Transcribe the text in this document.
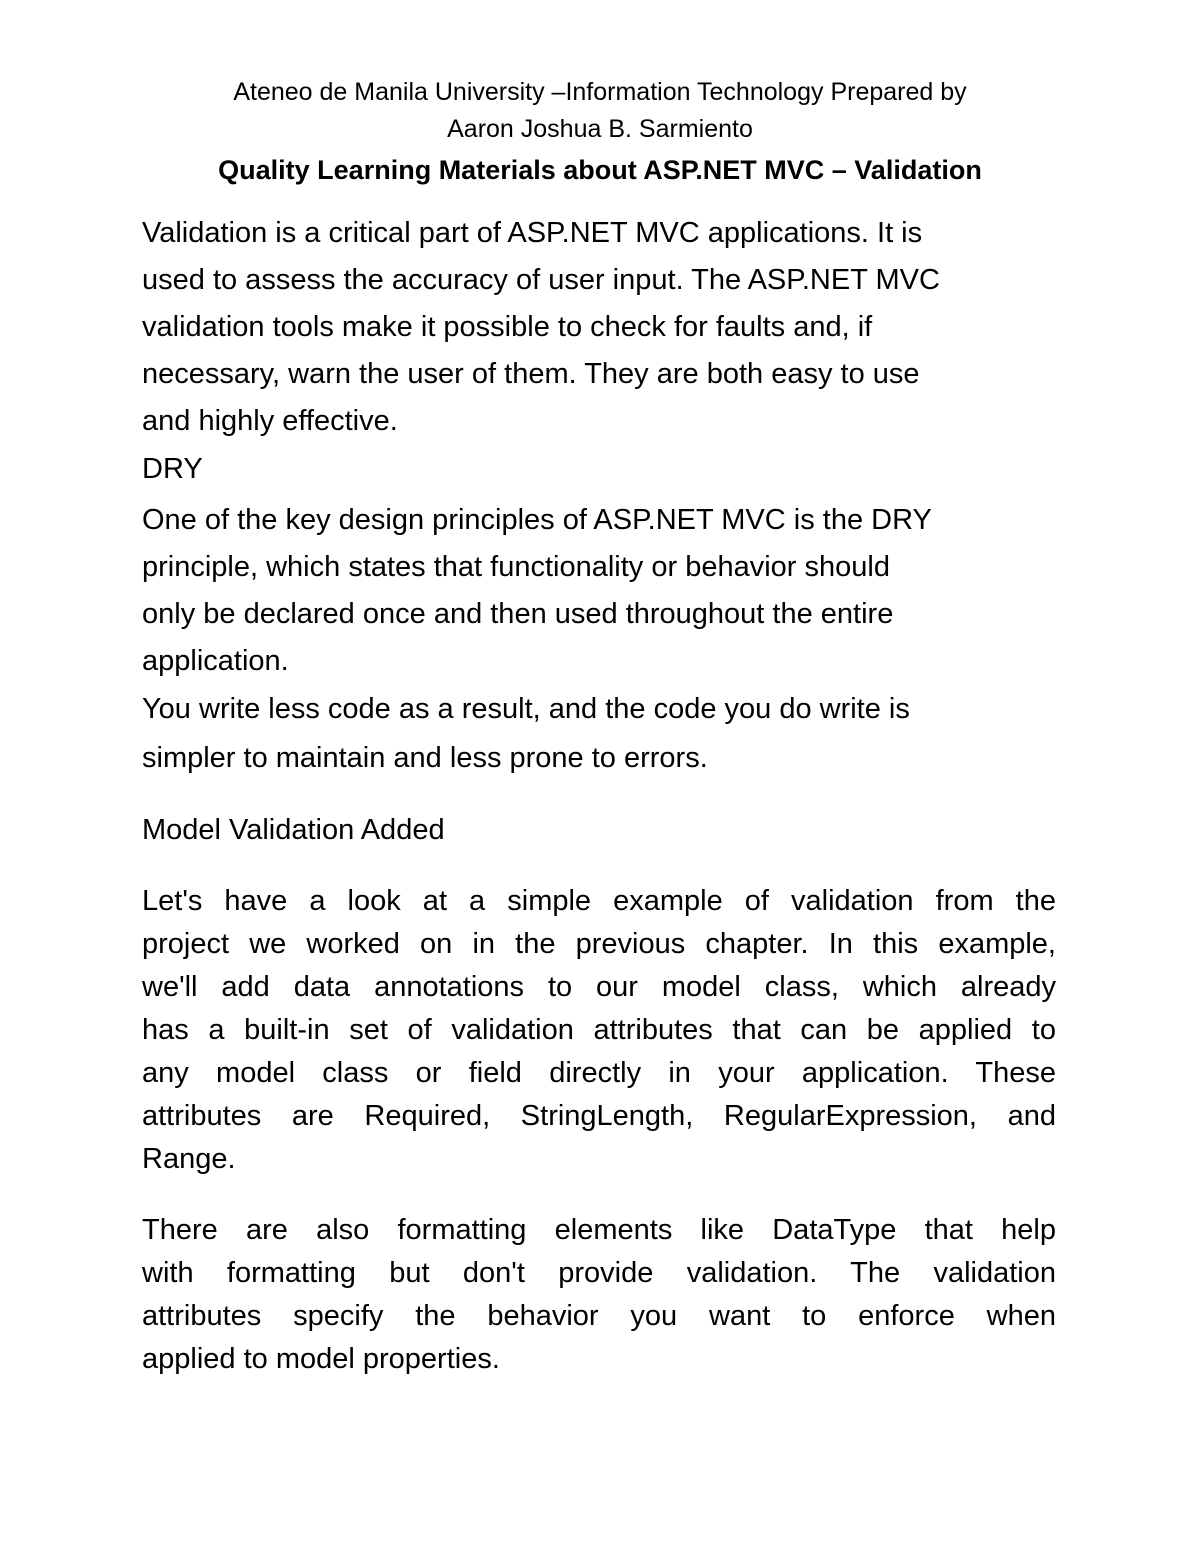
Ateneo de Manila University –Information Technology Prepared by
Aaron Joshua B. Sarmiento
Quality Learning Materials about ASP.NET MVC – Validation
Validation is a critical part of ASP.NET MVC applications. It is
used to assess the accuracy of user input. The ASP.NET MVC
validation tools make it possible to check for faults and, if
necessary, warn the user of them. They are both easy to use
and highly effective.
DRY
One of the key design principles of ASP.NET MVC is the DRY
principle, which states that functionality or behavior should
only be declared once and then used throughout the entire
application.
You write less code as a result, and the code you do write is
simpler to maintain and less prone to errors.
Model Validation Added
Let's have a look at a simple example of validation from the
project we worked on in the previous chapter. In this example,
we'll add data annotations to our model class, which already
has a built-in set of validation attributes that can be applied to
any model class or field directly in your application. These
attributes are Required, StringLength, RegularExpression, and
Range.
There are also formatting elements like DataType that help
with formatting but don't provide validation. The validation
attributes specify the behavior you want to enforce when
applied to model properties.
